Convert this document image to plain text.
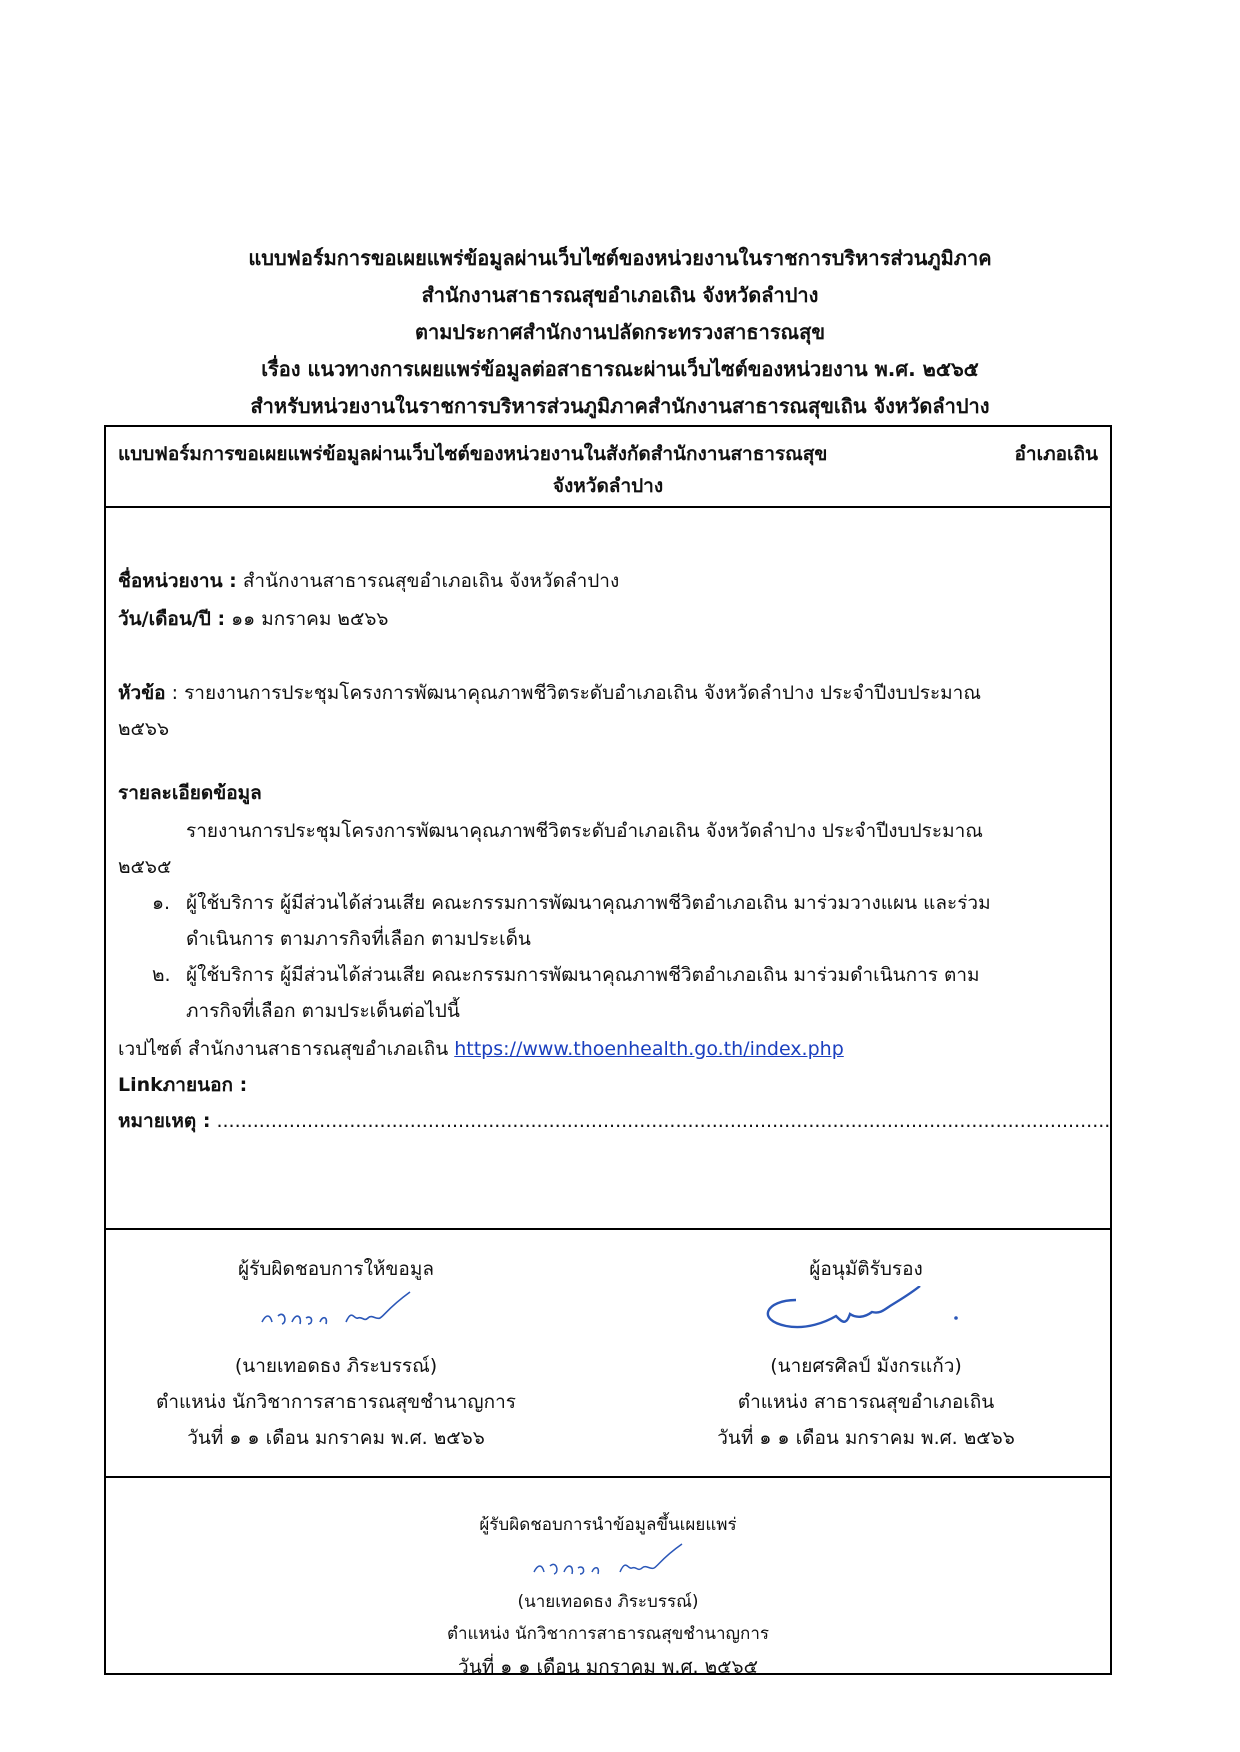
แบบฟอร์มการขอเผยแพร่ข้อมูลผ่านเว็บไซต์ของหน่วยงานในราชการบริหารส่วนภูมิภาค
สำนักงานสาธารณสุขอำเภอเถิน จังหวัดลำปาง
ตามประกาศสำนักงานปลัดกระทรวงสาธารณสุข
เรื่อง แนวทางการเผยแพร่ข้อมูลต่อสาธารณะผ่านเว็บไซต์ของหน่วยงาน พ.ศ. ๒๕๖๕
สำหรับหน่วยงานในราชการบริหารส่วนภูมิภาคสำนักงานสาธารณสุขเถิน จังหวัดลำปาง
แบบฟอร์มการขอเผยแพร่ข้อมูลผ่านเว็บไซต์ของหน่วยงานในสังกัดสำนักงานสาธารณสุข	อำเภอเถิน
จังหวัดลำปาง
ชื่อหน่วยงาน : สำนักงานสาธารณสุขอำเภอเถิน จังหวัดลำปาง
วัน/เดือน/ปี : ๑๑ มกราคม ๒๕๖๖
หัวข้อ : รายงานการประชุมโครงการพัฒนาคุณภาพชีวิตระดับอำเภอเถิน จังหวัดลำปาง ประจำปีงบประมาณ
๒๕๖๖
รายละเอียดข้อมูล
รายงานการประชุมโครงการพัฒนาคุณภาพชีวิตระดับอำเภอเถิน จังหวัดลำปาง ประจำปีงบประมาณ
๒๕๖๕
๑. ผู้ใช้บริการ ผู้มีส่วนได้ส่วนเสีย คณะกรรมการพัฒนาคุณภาพชีวิตอำเภอเถิน มาร่วมวางแผน และร่วม
ดำเนินการ ตามภารกิจที่เลือก ตามประเด็น
๒. ผู้ใช้บริการ ผู้มีส่วนได้ส่วนเสีย คณะกรรมการพัฒนาคุณภาพชีวิตอำเภอเถิน มาร่วมดำเนินการ ตาม
ภารกิจที่เลือก ตามประเด็นต่อไปนี้
เวปไซต์ สำนักงานสาธารณสุขอำเภอเถิน https://www.thoenhealth.go.th/index.php
Linkภายนอก :
หมายเหตุ : ....................................................................................................................................................
ผู้รับผิดชอบการให้ขอมูล
(นายเทอดธง ภิระบรรณ์)
ตำแหน่ง นักวิชาการสาธารณสุขชำนาญการ
วันที่ ๑ ๑ เดือน มกราคม พ.ศ. ๒๕๖๖
ผู้อนุมัติรับรอง
(นายศรศิลป์ มังกรแก้ว)
ตำแหน่ง สาธารณสุขอำเภอเถิน
วันที่ ๑ ๑ เดือน มกราคม พ.ศ. ๒๕๖๖
ผู้รับผิดชอบการนำข้อมูลขึ้นเผยแพร่
(นายเทอดธง ภิระบรรณ์)
ตำแหน่ง นักวิชาการสาธารณสุขชำนาญการ
วันที่ ๑ ๑ เดือน มกราคม พ.ศ. ๒๕๖๕
